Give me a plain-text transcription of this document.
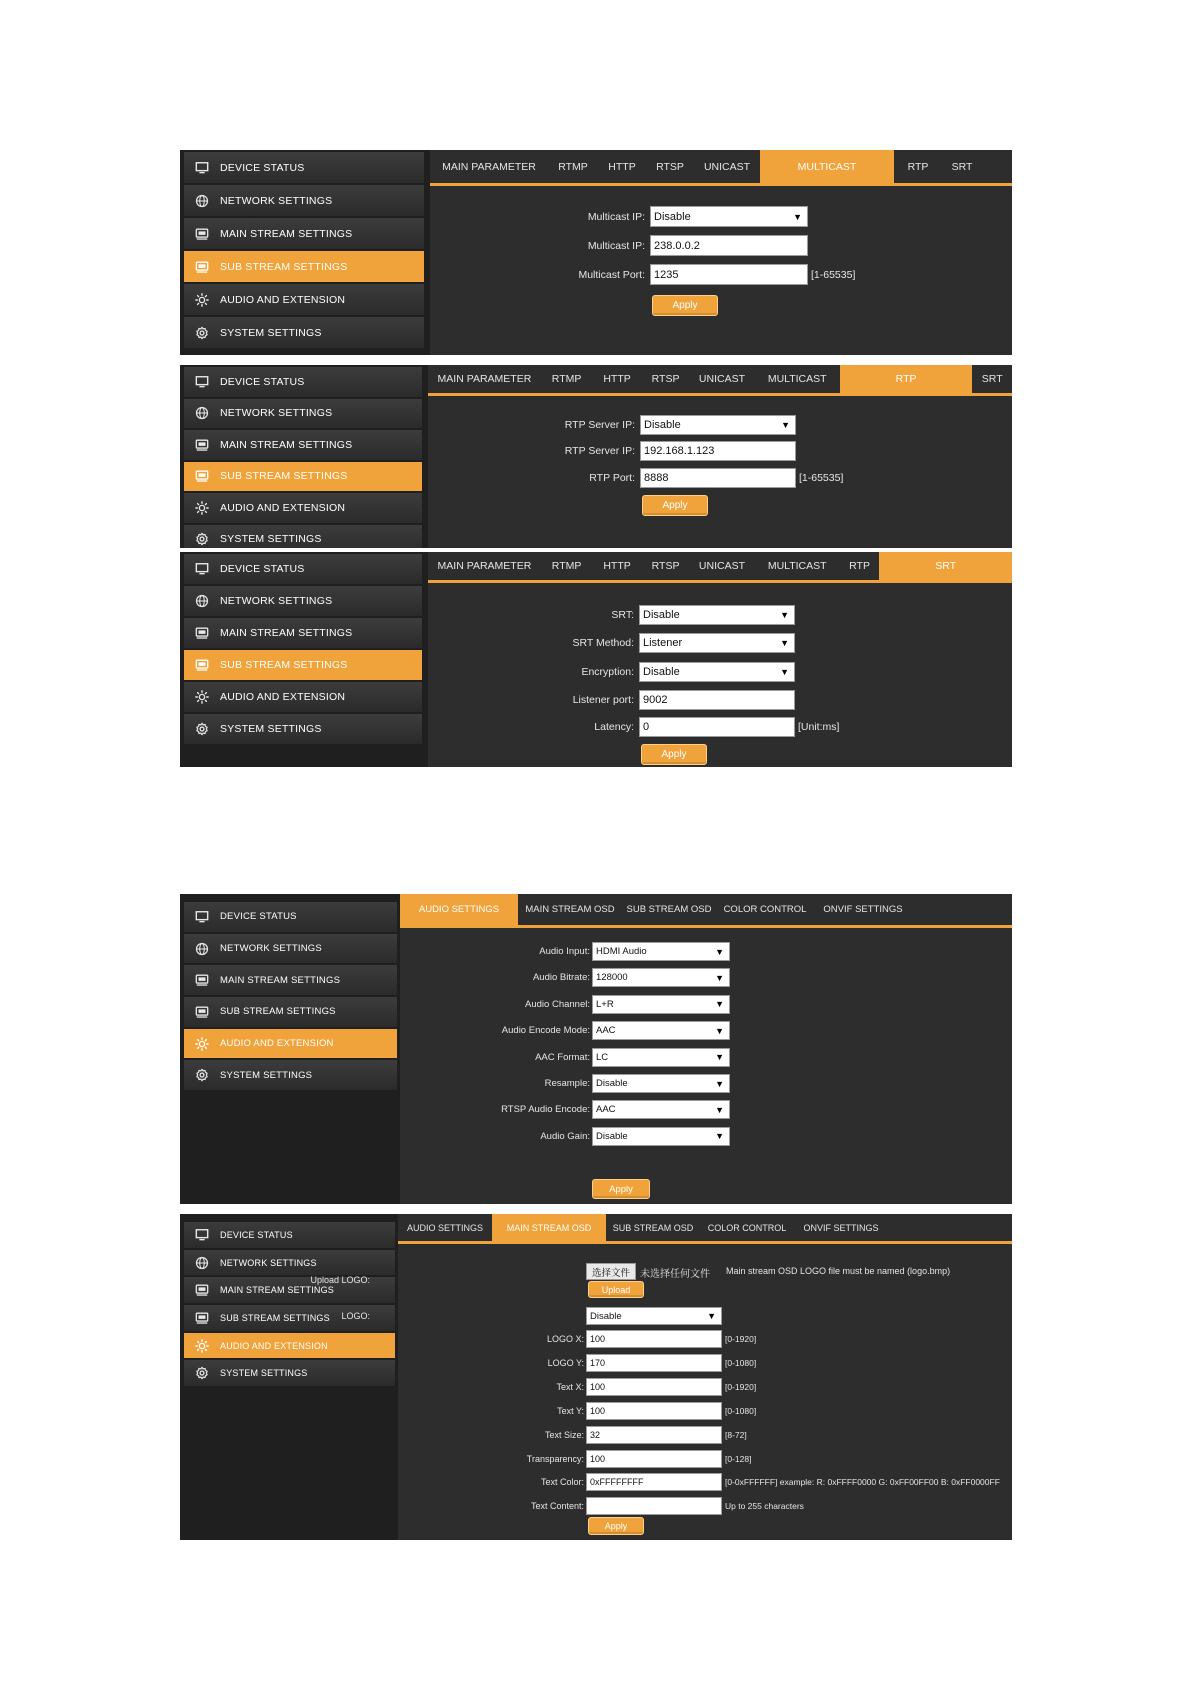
DEVICE STATUS
NETWORK SETTINGS
MAIN STREAM SETTINGS
SUB STREAM SETTINGS
AUDIO AND EXTENSION
SYSTEM SETTINGS
MAIN PARAMETER	RTMP	HTTP	RTSP	UNICAST	MULTICAST	RTP	SRT
Multicast IP: Disable	▼
Multicast IP: 238.0.0.2
Multicast Port: 1235	[1-65535]
Apply
DEVICE STATUS
NETWORK SETTINGS
MAIN STREAM SETTINGS
SUB STREAM SETTINGS
AUDIO AND EXTENSION
SYSTEM SETTINGS
MAIN PARAMETER	RTMP	HTTP	RTSP	UNICAST	MULTICAST	RTP	SRT
RTP Server IP: Disable	▼
RTP Server IP: 192.168.1.123
RTP Port: 8888	[1-65535]
Apply
DEVICE STATUS
NETWORK SETTINGS
MAIN STREAM SETTINGS
SUB STREAM SETTINGS
AUDIO AND EXTENSION
SYSTEM SETTINGS
MAIN PARAMETER	RTMP	HTTP	RTSP	UNICAST	MULTICAST	RTP	SRT
SRT: Disable	▼
SRT Method: Listener	▼
Encryption: Disable	▼
Listener port: 9002
Latency: 0	[Unit:ms]
Apply
DEVICE STATUS
NETWORK SETTINGS
MAIN STREAM SETTINGS
SUB STREAM SETTINGS
AUDIO AND EXTENSION
SYSTEM SETTINGS
AUDIO SETTINGS	MAIN STREAM OSD	SUB STREAM OSD	COLOR CONTROL	ONVIF SETTINGS
Audio Input: HDMI Audio	▼
Audio Bitrate: 128000	▼
Audio Channel: L+R	▼
Audio Encode Mode: AAC	▼
AAC Format: LC	▼
Resample: Disable	▼
RTSP Audio Encode: AAC	▼
Audio Gain: Disable	▼
Apply
DEVICE STATUS
NETWORK SETTINGS
MAIN STREAM SETTINGS
SUB STREAM SETTINGS
AUDIO AND EXTENSION
SYSTEM SETTINGS
AUDIO SETTINGS	MAIN STREAM OSD	SUB STREAM OSD	COLOR CONTROL	ONVIF SETTINGS
Upload LOGO:
选择文件	未选择任何文件 Main stream OSD LOGO file must be named (logo.bmp)
Upload
LOGO:	Disable	▼
LOGO X: 100	[0-1920]
LOGO Y: 170	[0-1080]
Text X: 100	[0-1920]
Text Y: 100	[0-1080]
Text Size: 32	[8-72]
Transparency: 100	[0-128]
Text Color: 0xFFFFFFFF	[0-0xFFFFFF] example: R: 0xFFFF0000 G: 0xFF00FF00 B: 0xFF0000FF
Text Content:	Up to 255 characters
Apply
